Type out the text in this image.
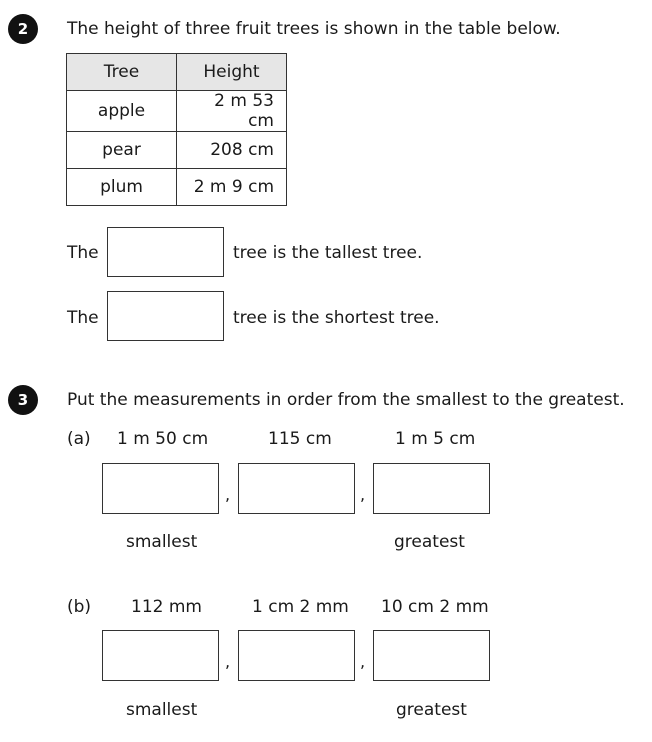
2	The height of three fruit trees is shown in the table below.
Tree	Height
apple	2 m 53 cm
pear	208 cm
plum	2 m 9 cm
The	tree is the tallest tree.
The	tree is the shortest tree.
3	Put the measurements in order from the smallest to the greatest.
(a) 1 m 50 cm	115 cm	1 m 5 cm
,	,
smallest	greatest
(b) 112 mm	1 cm 2 mm 10 cm 2 mm
,	,
smallest	greatest
